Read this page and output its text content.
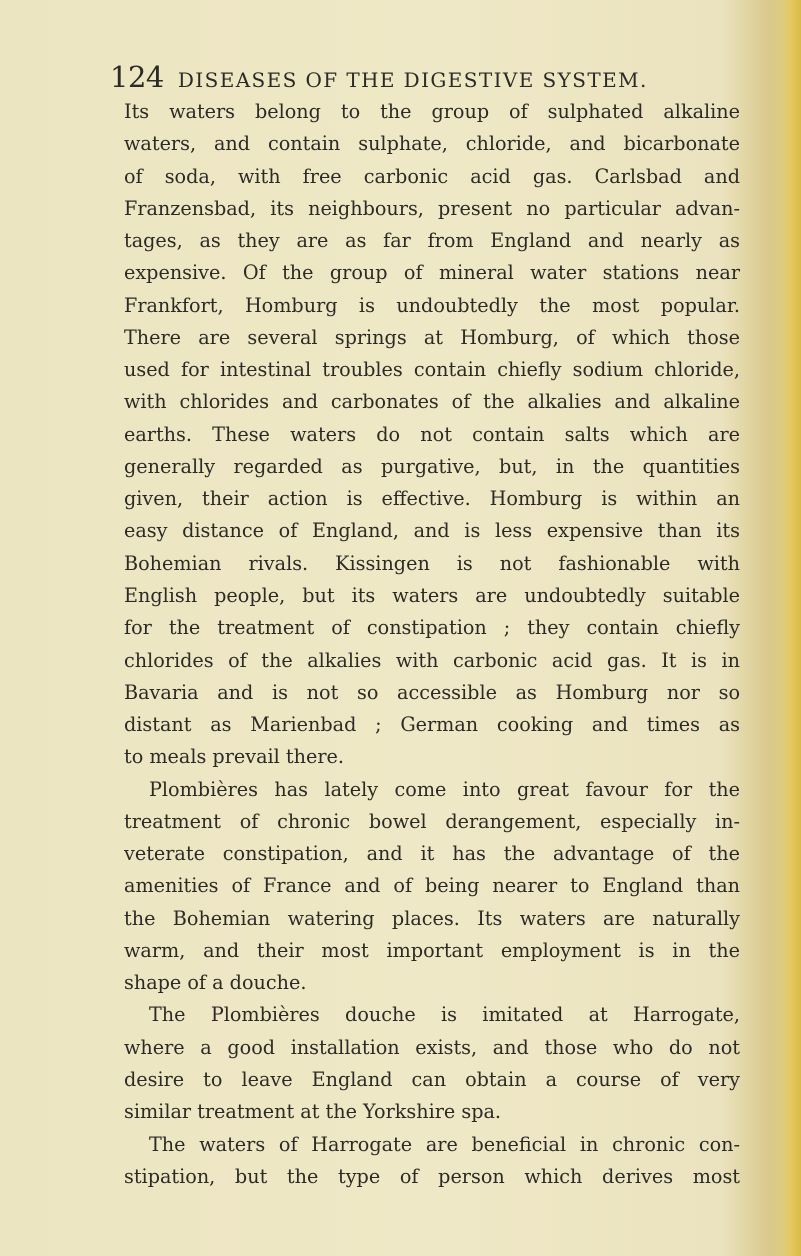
124 DISEASES OF THE DIGESTIVE SYSTEM.
Its waters belong to the group of sulphated alkaline
waters, and contain sulphate, chloride, and bicarbonate
of soda, with free carbonic acid gas. Carlsbad and
Franzensbad, its neighbours, present no particular advan-
tages, as they are as far from England and nearly as
expensive. Of the group of mineral water stations near
Frankfort, Homburg is undoubtedly the most popular.
There are several springs at Homburg, of which those
used for intestinal troubles contain chiefly sodium chloride,
with chlorides and carbonates of the alkalies and alkaline
earths. These waters do not contain salts which are
generally regarded as purgative, but, in the quantities
given, their action is effective. Homburg is within an
easy distance of England, and is less expensive than its
Bohemian rivals. Kissingen is not fashionable with
English people, but its waters are undoubtedly suitable
for the treatment of constipation ; they contain chiefly
chlorides of the alkalies with carbonic acid gas. It is in
Bavaria and is not so accessible as Homburg nor so
distant as Marienbad ; German cooking and times as
to meals prevail there.
Plombières has lately come into great favour for the
treatment of chronic bowel derangement, especially in-
veterate constipation, and it has the advantage of the
amenities of France and of being nearer to England than
the Bohemian watering places. Its waters are naturally
warm, and their most important employment is in the
shape of a douche.
The Plombières douche is imitated at Harrogate,
where a good installation exists, and those who do not
desire to leave England can obtain a course of very
similar treatment at the Yorkshire spa.
The waters of Harrogate are beneficial in chronic con-
stipation, but the type of person which derives most
